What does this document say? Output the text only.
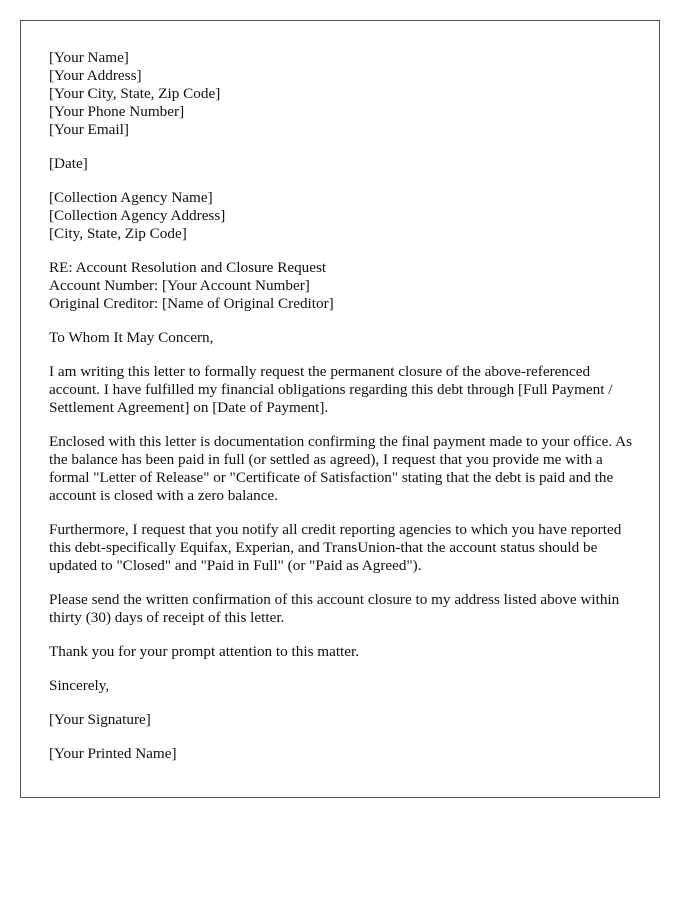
[Your Name]
[Your Address]
[Your City, State, Zip Code]
[Your Phone Number]
[Your Email]
[Date]
[Collection Agency Name]
[Collection Agency Address]
[City, State, Zip Code]
RE: Account Resolution and Closure Request
Account Number: [Your Account Number]
Original Creditor: [Name of Original Creditor]

To Whom It May Concern,

I am writing this letter to formally request the permanent closure of the above-referenced account. I have fulfilled my financial obligations regarding this debt through [Full Payment / Settlement Agreement] on [Date of Payment].

Enclosed with this letter is documentation confirming the final payment made to your office. As the balance has been paid in full (or settled as agreed), I request that you provide me with a formal "Letter of Release" or "Certificate of Satisfaction" stating that the debt is paid and the account is closed with a zero balance.

Furthermore, I request that you notify all credit reporting agencies to which you have reported this debt-specifically Equifax, Experian, and TransUnion-that the account status should be updated to "Closed" and "Paid in Full" (or "Paid as Agreed").

Please send the written confirmation of this account closure to my address listed above within thirty (30) days of receipt of this letter.

Thank you for your prompt attention to this matter.

Sincerely,

[Your Signature]

[Your Printed Name]
